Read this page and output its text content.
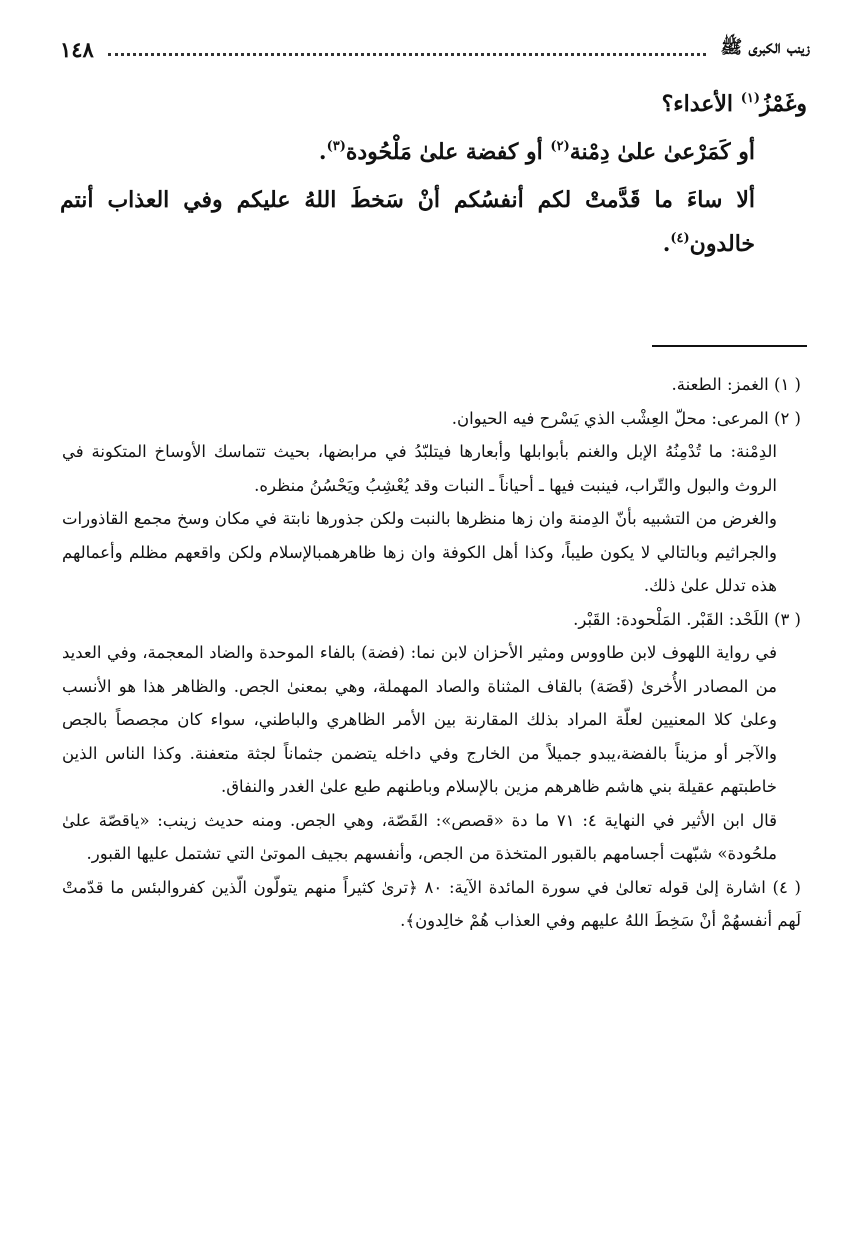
زينب الكبرى ﷺ
١٤٨

وغَمْزُ$^{(١)}$ الأعداء؟

أو كَمَرْعىٰ علىٰ دِمْنة$^{(٢)}$ أو كفضة علىٰ مَلْحُودة$^{(٣)}$.

ألا ساءَ ما قَدَّمتْ لكم أنفسُكم أنْ سَخطَ اللهُ عليكم وفي العذاب أنتم خالدون$^{(٤)}$.

( ١) الغمز: الطعنة.

( ٢) المرعى: محلّ العِشْب الذي يَسْرح فيه الحيوان.

الدِمْنة: ما تُدْمِنُهُ الإبل والغنم بأبوابلها وأبعارها فيتلبّدُ في مرابضها، بحيث تتماسك الأوساخ المتكونة في الروث والبول والتّراب، فينبت فيها ـ أحياناً ـ النبات وقد يُعْشِبُ ويَحْسُنُ منظره.

والغرض من التشبيه بأنّ الدِمنة وان زها منظرها بالنبت ولكن جذورها نابتة في مكان وسخ مجمع القاذورات والجراثيم وبالتالي لا يكون طيباً، وكذا أهل الكوفة وان زها ظاهرهمبالإسلام ولكن واقعهم مظلم وأعمالهم هذه تدلل علىٰ ذلك.

( ٣) اللَحْد: القَبْر. المَلْحودة: القَبْر.

في رواية اللهوف لابن طاووس ومثير الأحزان لابن نما: (فضة) بالفاء الموحدة والضاد المعجمة، وفي العديد من المصادر الأُخرىٰ (قَصَة) بالقاف المثناة والصاد المهملة، وهي بمعنىٰ الجص. والظاهر هذا هو الأنسب وعلىٰ كلا المعنيين لعلّة المراد بذلك المقارنة بين الأمر الظاهري والباطني، سواء كان مجصصاً بالجص والآجر أو مزيناً بالفضة،يبدو جميلاً من الخارج وفي داخله يتضمن جثماناً لجثة متعفنة. وكذا الناس الذين خاطبتهم عقيلة بني هاشم ظاهرهم مزين بالإسلام وباطنهم طبع علىٰ الغدر والنفاق.

قال ابن الأثير في النهاية ٤: ٧١ ما دة «قصص»: القَصّة، وهي الجص. ومنه حديث زينب: «ياقصّة علىٰ ملحُودة» شبّهت أجسامهم بالقبور المتخذة من الجص، وأنفسهم بجيف الموتىٰ التي تشتمل عليها القبور.

( ٤) اشارة إلىٰ قوله تعالىٰ في سورة المائدة الآية: ٨٠ ﴿ترىٰ كثيراً منهم يتولّون الّذين كفروالبئس ما قدّمتْ لَهم أنفسهُمْ أنْ سَخِطَ اللهُ عليهم وفي العذاب هُمْ خالِدون﴾.
